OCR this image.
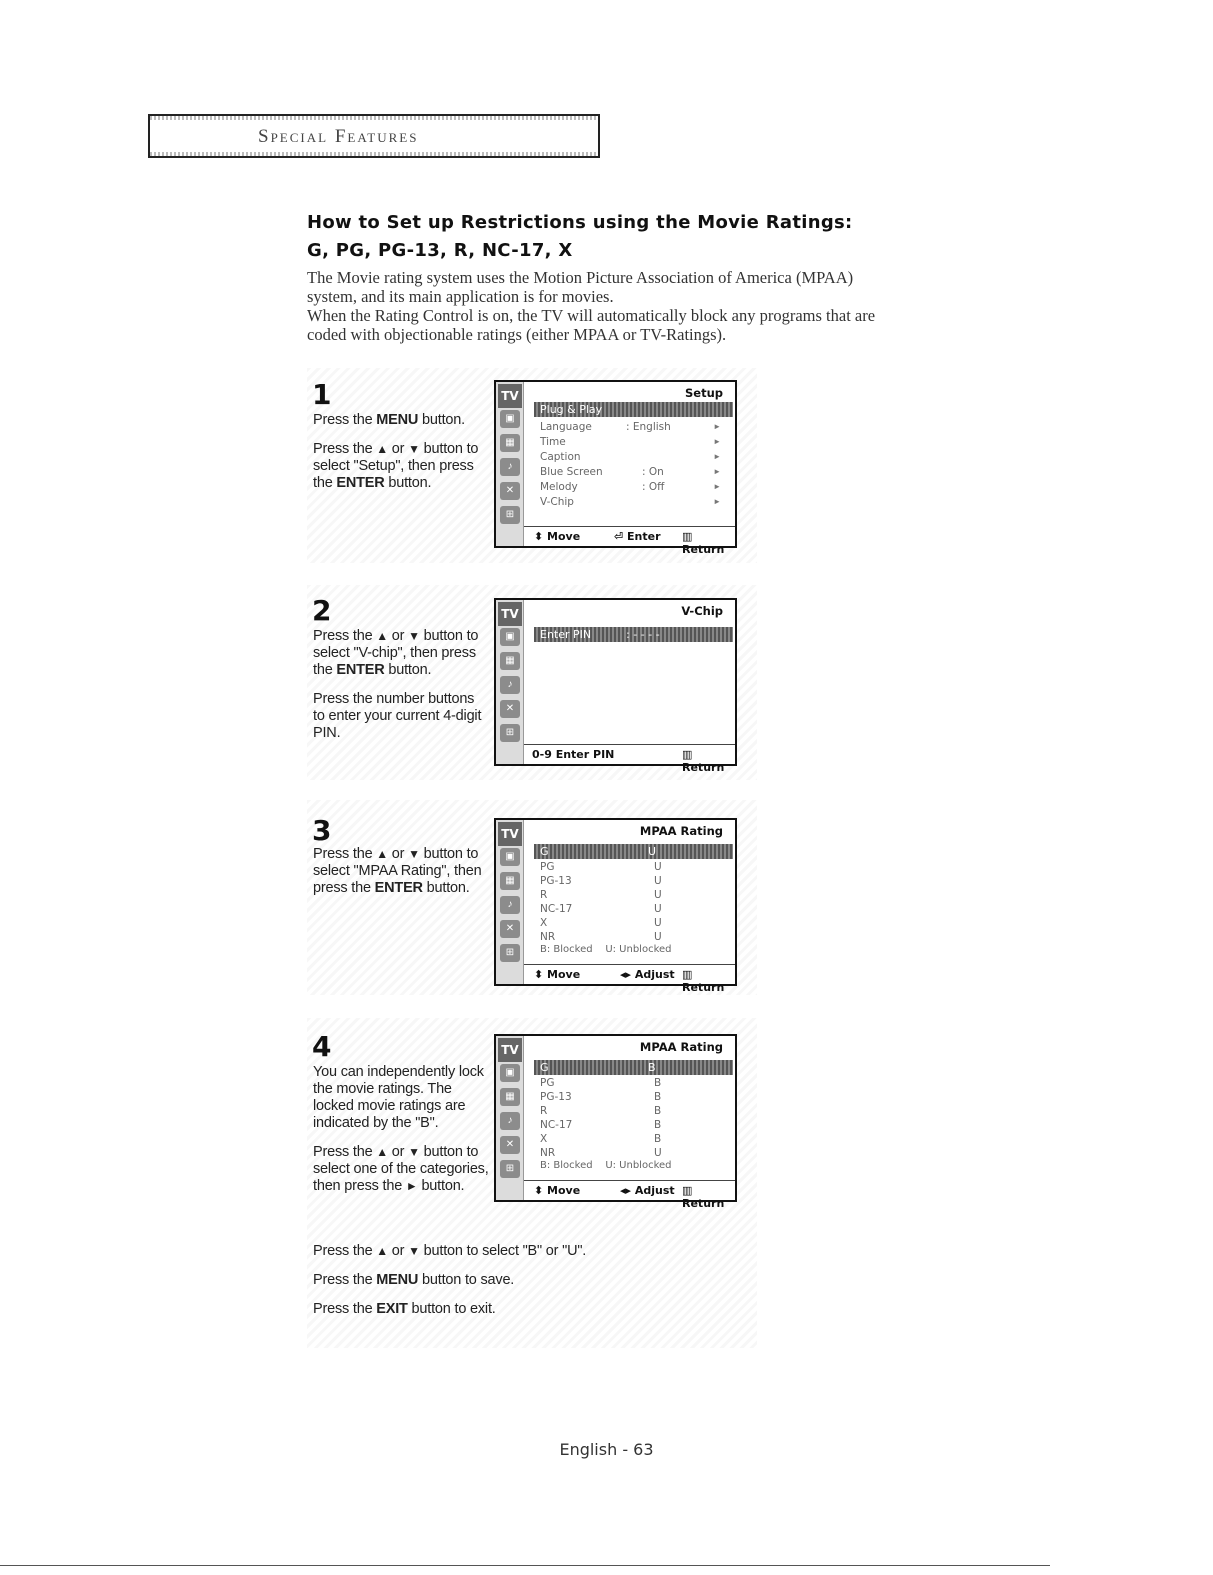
Special Features
How to Set up Restrictions using the Movie Ratings:
G, PG, PG-13, R, NC-17, X

The Movie rating system uses the Motion Picture Association of America (MPAA)

system, and its main application is for movies.

When the Rating Control is on, the TV will automatically block any programs that are

coded with objectionable ratings (either MPAA or TV-Ratings).

1

Press the MENU button.

Press the ▲ or ▼ button to select "Setup", then press the ENTER button.

TV
▣
▦
♪
✕
⊞
Setup
Plug & Play
Language	: English	►
Time	►
Caption	►
Blue Screen	: On	►
Melody	: Off	►
V-Chip	►
⬍ Move	⏎ Enter ▥ Return
2

Press the ▲ or ▼ button to select "V-chip", then press the ENTER button.

Press the number buttons to enter your current 4-digit PIN.

TV
▣
▦
♪
✕
⊞
V-Chip
Enter PIN          : - - - -
0-9 Enter PIN	▥ Return
3

Press the ▲ or ▼ button to select "MPAA Rating", then press the ENTER button.

TV
▣
▦
♪
✕
⊞
MPAA Rating
G	U
PG	U
PG-13	U
R	U
NC-17	U
X	U
NR	U
B: Blocked    U: Unblocked
⬍ Move	◂▸ Adjust ▥ Return
4

You can independently lock the movie ratings. The locked movie ratings are indicated by the "B".

Press the ▲ or ▼ button to select one of the categories, then press the ► button.

Press the ▲ or ▼ button to select "B" or "U".

Press the MENU button to save.

Press the EXIT button to exit.

TV
▣
▦
♪
✕
⊞
MPAA Rating
G	B
PG	B
PG-13	B
R	B
NC-17	B
X	B
NR	U
B: Blocked    U: Unblocked
⬍ Move	◂▸ Adjust ▥ Return
English - 63
